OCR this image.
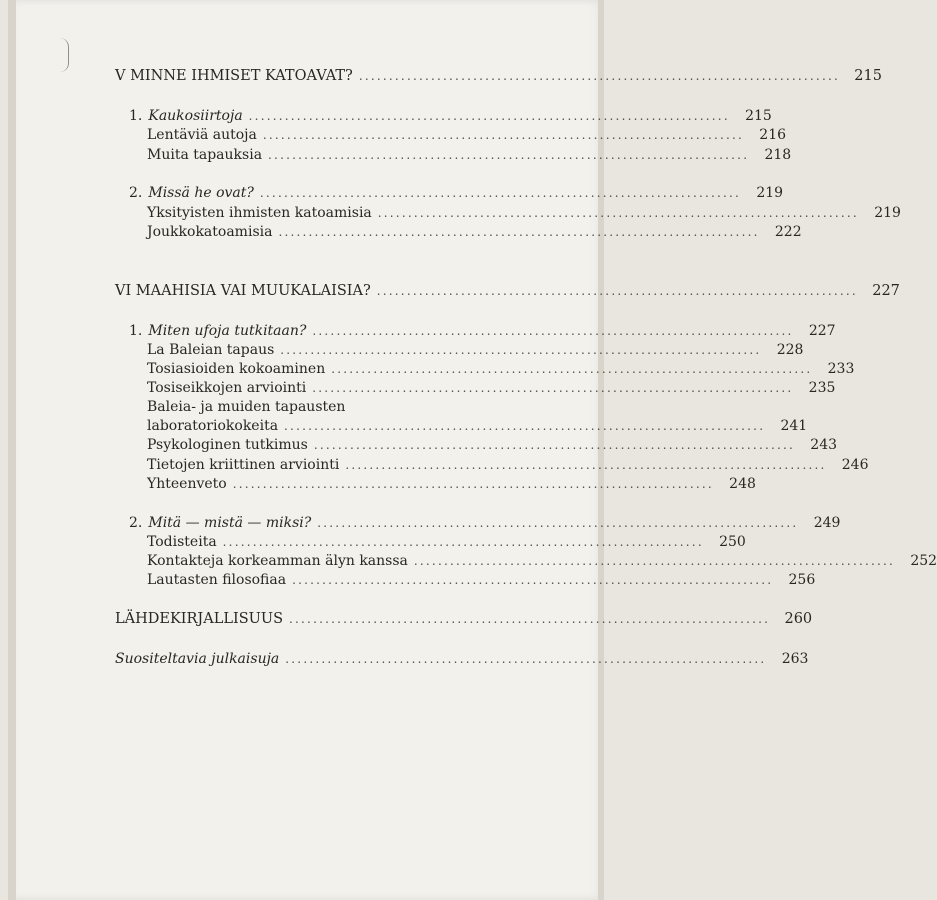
V MINNE IHMISET KATOAVAT? ................................................................................ 215
1. Kaukosiirtoja ................................................................................	215
Lentäviä autoja ................................................................................	216
Muita tapauksia ................................................................................	218
2. Missä he ovat? ................................................................................	219
Yksityisten ihmisten katoamisia ................................................................................	219
Joukkokatoamisia ................................................................................	222
VI MAAHISIA VAI MUUKALAISIA? ................................................................................ 227
1. Miten ufoja tutkitaan? ................................................................................	227
La Baleian tapaus ................................................................................	228
Tosiasioiden kokoaminen ................................................................................	233
Tosiseikkojen arviointi ................................................................................	235
Baleia- ja muiden tapausten
laboratoriokokeita ................................................................................	241
Psykologinen tutkimus ................................................................................	243
Tietojen kriittinen arviointi ................................................................................	246
Yhteenveto ................................................................................	248
2. Mitä — mistä — miksi? ................................................................................	249
Todisteita ................................................................................	250
Kontakteja korkeamman älyn kanssa ................................................................................	252
Lautasten filosofiaa ................................................................................	256
LÄHDEKIRJALLISUUS ................................................................................ 260
Suositeltavia julkaisuja ................................................................................	263
